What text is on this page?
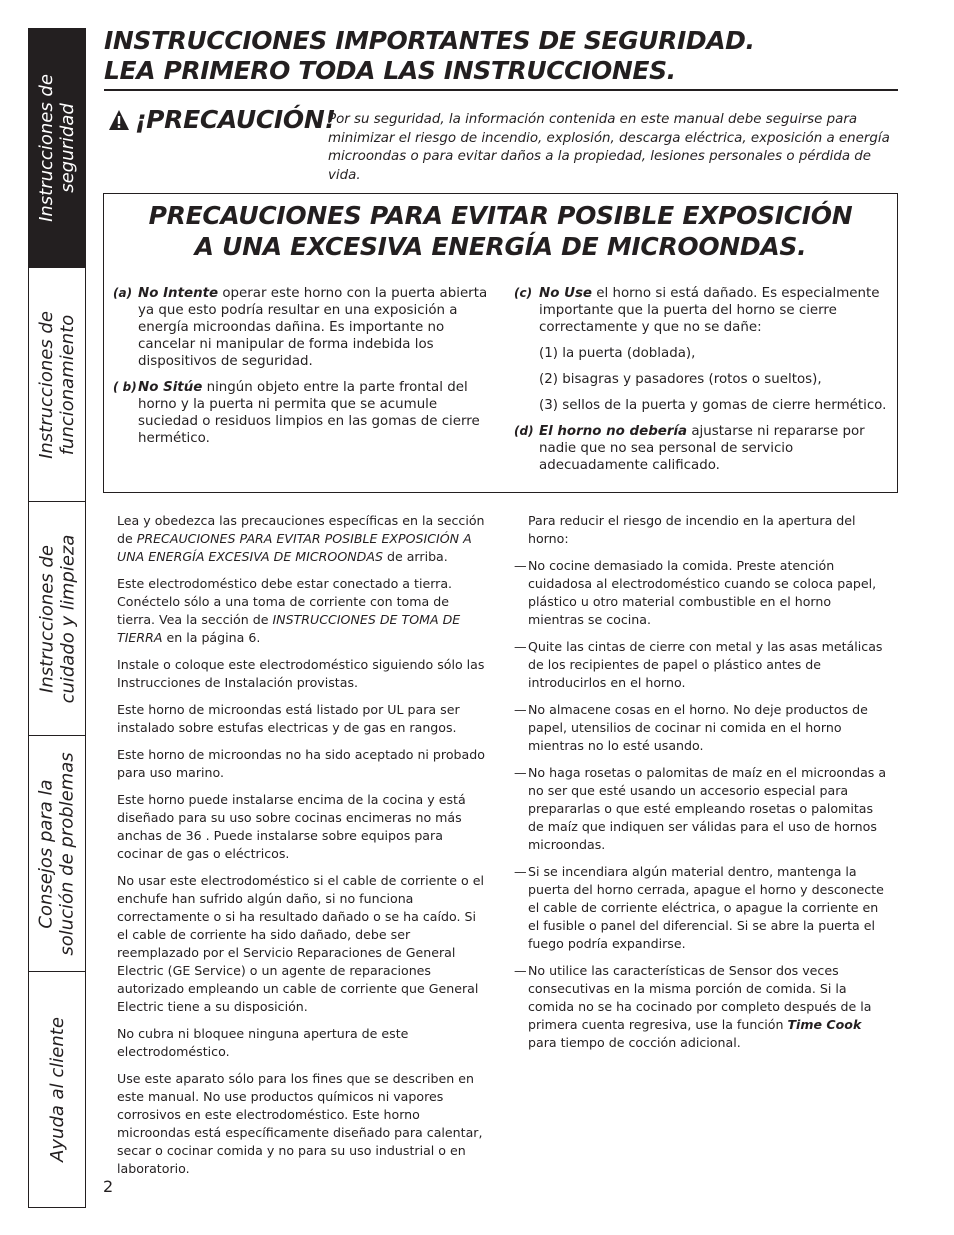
Instrucciones de
seguridad
Instrucciones de
funcionamiento
Instrucciones de
cuidado y limpieza
Consejos para la
solución de problemas
Ayuda al cliente
INSTRUCCIONES IMPORTANTES DE SEGURIDAD.
LEA PRIMERO TODA LAS INSTRUCCIONES.
¡PRECAUCIÓN!
Por su seguridad, la información contenida en este manual debe seguirse para minimizar el riesgo de incendio, explosión, descarga eléctrica, exposición a energía microondas o para evitar daños a la propiedad, lesiones personales o pérdida de vida.
PRECAUCIONES PARA EVITAR POSIBLE EXPOSICIÓN
A UNA EXCESIVA ENERGÍA DE MICROONDAS.
(a) No Intente operar este horno con la puerta abierta ya que esto podría resultar en una exposición a energía microondas dañina. Es importante no cancelar ni manipular de forma indebida los dispositivos de seguridad.
( b) No Sitúe ningún objeto entre la parte frontal del horno y la puerta ni permita que se acumule suciedad o residuos limpios en las gomas de cierre hermético.
(c) No Use el horno si está dañado. Es especialmente importante que la puerta del horno se cierre correctamente y que no se dañe:
(1) la puerta (doblada),
(2) bisagras y pasadores (rotos o sueltos),
(3) sellos de la puerta y gomas de cierre hermético.
(d) El horno no debería ajustarse ni repararse por nadie que no sea personal de servicio adecuadamente calificado.

Lea y obedezca las precauciones específicas en la sección de PRECAUCIONES PARA EVITAR POSIBLE EXPOSICIÓN A UNA ENERGÍA EXCESIVA DE MICROONDAS de arriba.

Este electrodoméstico debe estar conectado a tierra. Conéctelo sólo a una toma de corriente con toma de tierra. Vea la sección de INSTRUCCIONES DE TOMA DE TIERRA en la página 6.

Instale o coloque este electrodoméstico siguiendo sólo las Instrucciones de Instalación provistas.

Este horno de microondas está listado por UL para ser instalado sobre estufas electricas y de gas en rangos.

Este horno de microondas no ha sido aceptado ni probado para uso marino.

Este horno puede instalarse encima de la cocina y está diseñado para su uso sobre cocinas encimeras no más anchas de 36 . Puede instalarse sobre equipos para cocinar de gas o eléctricos.

No usar este electrodoméstico si el cable de corriente o el enchufe han sufrido algún daño, si no funciona correctamente o si ha resultado dañado o se ha caído. Si el cable de corriente ha sido dañado, debe ser reemplazado por el Servicio Reparaciones de General Electric (GE Service) o un agente de reparaciones autorizado empleando un cable de corriente que General Electric tiene a su disposición.

No cubra ni bloquee ninguna apertura de este electrodoméstico.

Use este aparato sólo para los fines que se describen en este manual. No use productos químicos ni vapores corrosivos en este electrodoméstico. Este horno microondas está específicamente diseñado para calentar, secar o cocinar comida y no para su uso industrial o en laboratorio.

Para reducir el riesgo de incendio en la apertura del horno:

— No cocine demasiado la comida. Preste atención cuidadosa al electrodoméstico cuando se coloca papel, plástico u otro material combustible en el horno mientras se cocina.
— Quite las cintas de cierre con metal y las asas metálicas de los recipientes de papel o plástico antes de introducirlos en el horno.
— No almacene cosas en el horno. No deje productos de papel, utensilios de cocinar ni comida en el horno mientras no lo esté usando.
— No haga rosetas o palomitas de maíz en el microondas a no ser que esté usando un accesorio especial para prepararlas o que esté empleando rosetas o palomitas de maíz que indiquen ser válidas para el uso de hornos microondas.
— Si se incendiara algún material dentro, mantenga la puerta del horno cerrada, apague el horno y desconecte el cable de corriente eléctrica, o apague la corriente en el fusible o panel del diferencial. Si se abre la puerta el fuego podría expandirse.
— No utilice las características de Sensor dos veces consecutivas en la misma porción de comida. Si la comida no se ha cocinado por completo después de la primera cuenta regresiva, use la función Time Cook para tiempo de cocción adicional.
2
